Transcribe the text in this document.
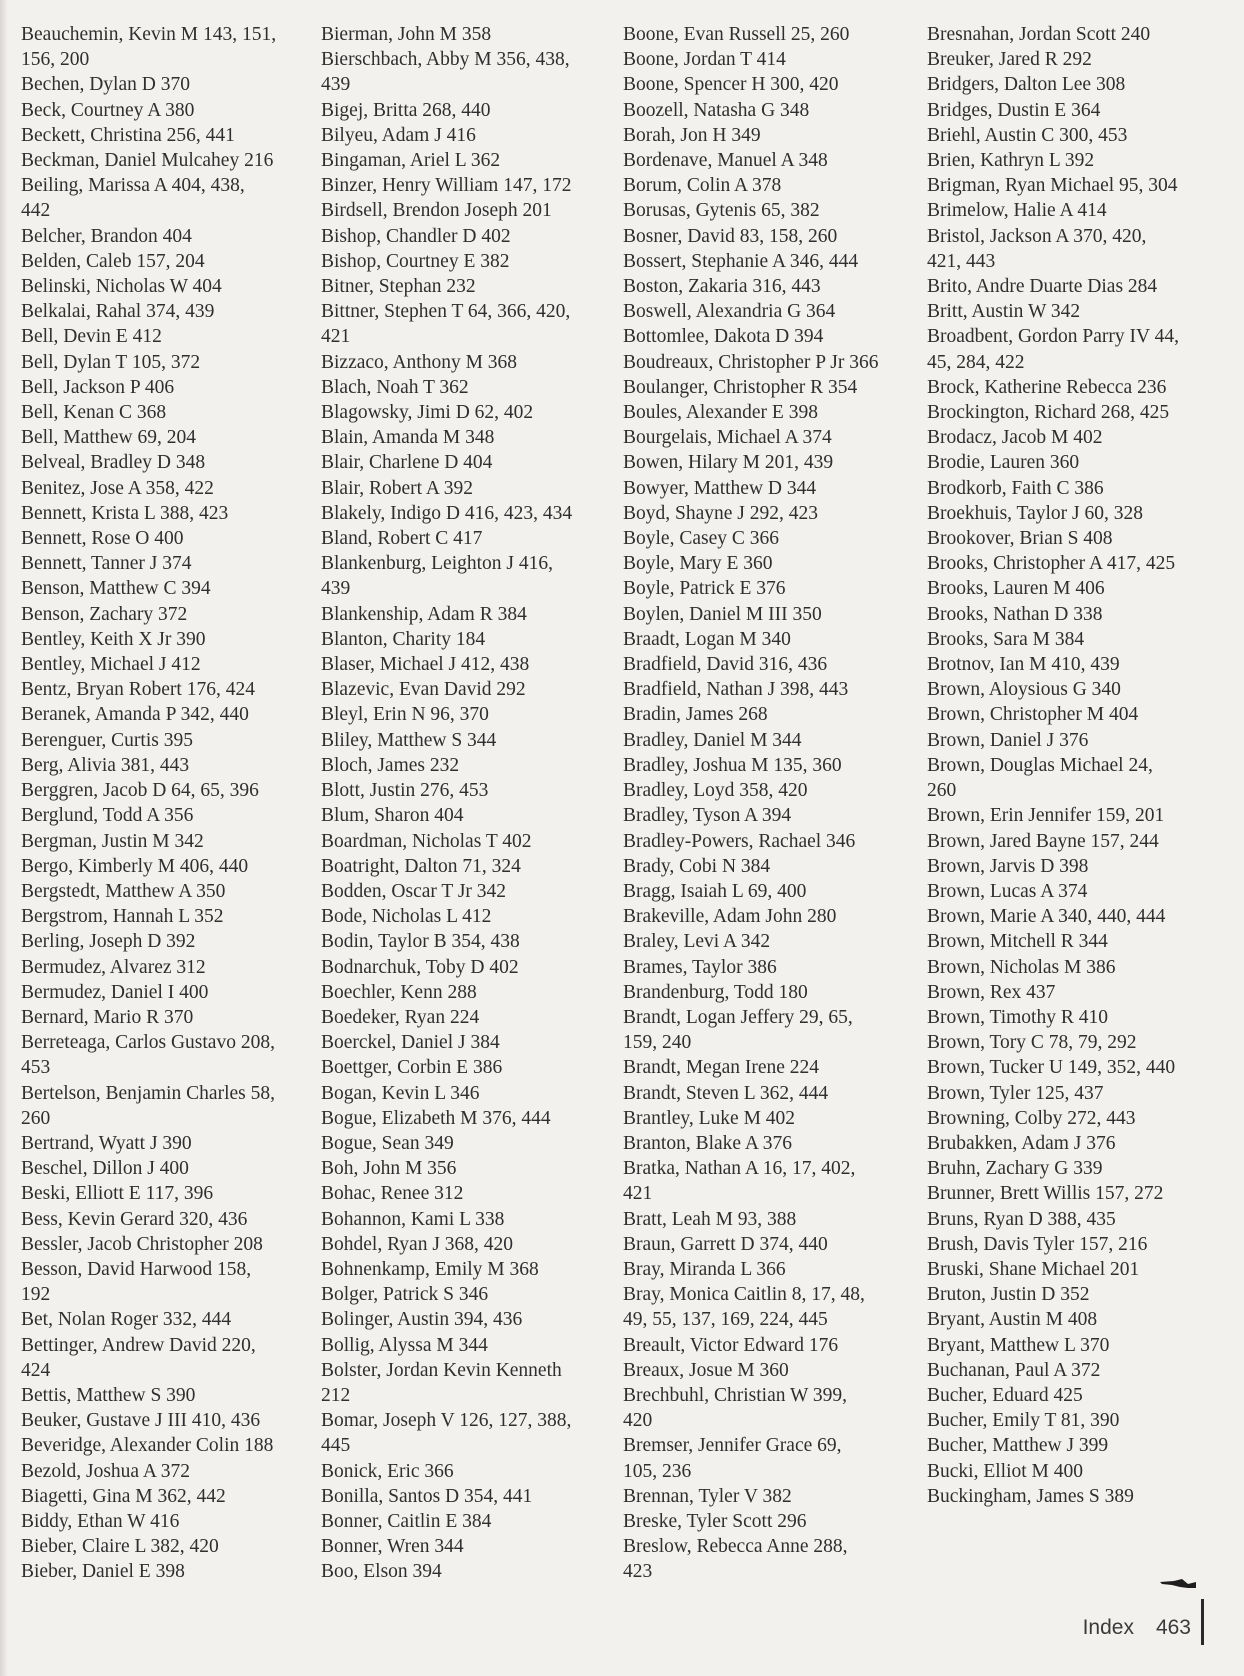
Beauchemin, Kevin M 143, 151,
156, 200
Bechen, Dylan D 370
Beck, Courtney A 380
Beckett, Christina 256, 441
Beckman, Daniel Mulcahey 216
Beiling, Marissa A 404, 438,
442
Belcher, Brandon 404
Belden, Caleb 157, 204
Belinski, Nicholas W 404
Belkalai, Rahal 374, 439
Bell, Devin E 412
Bell, Dylan T 105, 372
Bell, Jackson P 406
Bell, Kenan C 368
Bell, Matthew 69, 204
Belveal, Bradley D 348
Benitez, Jose A 358, 422
Bennett, Krista L 388, 423
Bennett, Rose O 400
Bennett, Tanner J 374
Benson, Matthew C 394
Benson, Zachary 372
Bentley, Keith X Jr 390
Bentley, Michael J 412
Bentz, Bryan Robert 176, 424
Beranek, Amanda P 342, 440
Berenguer, Curtis 395
Berg, Alivia 381, 443
Berggren, Jacob D 64, 65, 396
Berglund, Todd A 356
Bergman, Justin M 342
Bergo, Kimberly M 406, 440
Bergstedt, Matthew A 350
Bergstrom, Hannah L 352
Berling, Joseph D 392
Bermudez, Alvarez 312
Bermudez, Daniel I 400
Bernard, Mario R 370
Berreteaga, Carlos Gustavo 208,
453
Bertelson, Benjamin Charles 58,
260
Bertrand, Wyatt J 390
Beschel, Dillon J 400
Beski, Elliott E 117, 396
Bess, Kevin Gerard 320, 436
Bessler, Jacob Christopher 208
Besson, David Harwood 158,
192
Bet, Nolan Roger 332, 444
Bettinger, Andrew David 220,
424
Bettis, Matthew S 390
Beuker, Gustave J III 410, 436
Beveridge, Alexander Colin 188
Bezold, Joshua A 372
Biagetti, Gina M 362, 442
Biddy, Ethan W 416
Bieber, Claire L 382, 420
Bieber, Daniel E 398
Bierman, John M 358
Bierschbach, Abby M 356, 438,
439
Bigej, Britta 268, 440
Bilyeu, Adam J 416
Bingaman, Ariel L 362
Binzer, Henry William 147, 172
Birdsell, Brendon Joseph 201
Bishop, Chandler D 402
Bishop, Courtney E 382
Bitner, Stephan 232
Bittner, Stephen T 64, 366, 420,
421
Bizzaco, Anthony M 368
Blach, Noah T 362
Blagowsky, Jimi D 62, 402
Blain, Amanda M 348
Blair, Charlene D 404
Blair, Robert A 392
Blakely, Indigo D 416, 423, 434
Bland, Robert C 417
Blankenburg, Leighton J 416,
439
Blankenship, Adam R 384
Blanton, Charity 184
Blaser, Michael J 412, 438
Blazevic, Evan David 292
Bleyl, Erin N 96, 370
Bliley, Matthew S 344
Bloch, James 232
Blott, Justin 276, 453
Blum, Sharon 404
Boardman, Nicholas T 402
Boatright, Dalton 71, 324
Bodden, Oscar T Jr 342
Bode, Nicholas L 412
Bodin, Taylor B 354, 438
Bodnarchuk, Toby D 402
Boechler, Kenn 288
Boedeker, Ryan 224
Boerckel, Daniel J 384
Boettger, Corbin E 386
Bogan, Kevin L 346
Bogue, Elizabeth M 376, 444
Bogue, Sean 349
Boh, John M 356
Bohac, Renee 312
Bohannon, Kami L 338
Bohdel, Ryan J 368, 420
Bohnenkamp, Emily M 368
Bolger, Patrick S 346
Bolinger, Austin 394, 436
Bollig, Alyssa M 344
Bolster, Jordan Kevin Kenneth
212
Bomar, Joseph V 126, 127, 388,
445
Bonick, Eric 366
Bonilla, Santos D 354, 441
Bonner, Caitlin E 384
Bonner, Wren 344
Boo, Elson 394
Boone, Evan Russell 25, 260
Boone, Jordan T 414
Boone, Spencer H 300, 420
Boozell, Natasha G 348
Borah, Jon H 349
Bordenave, Manuel A 348
Borum, Colin A 378
Borusas, Gytenis 65, 382
Bosner, David 83, 158, 260
Bossert, Stephanie A 346, 444
Boston, Zakaria 316, 443
Boswell, Alexandria G 364
Bottomlee, Dakota D 394
Boudreaux, Christopher P Jr 366
Boulanger, Christopher R 354
Boules, Alexander E 398
Bourgelais, Michael A 374
Bowen, Hilary M 201, 439
Bowyer, Matthew D 344
Boyd, Shayne J 292, 423
Boyle, Casey C 366
Boyle, Mary E 360
Boyle, Patrick E 376
Boylen, Daniel M III 350
Braadt, Logan M 340
Bradfield, David 316, 436
Bradfield, Nathan J 398, 443
Bradin, James 268
Bradley, Daniel M 344
Bradley, Joshua M 135, 360
Bradley, Loyd 358, 420
Bradley, Tyson A 394
Bradley-Powers, Rachael 346
Brady, Cobi N 384
Bragg, Isaiah L 69, 400
Brakeville, Adam John 280
Braley, Levi A 342
Brames, Taylor 386
Brandenburg, Todd 180
Brandt, Logan Jeffery 29, 65,
159, 240
Brandt, Megan Irene 224
Brandt, Steven L 362, 444
Brantley, Luke M 402
Branton, Blake A 376
Bratka, Nathan A 16, 17, 402,
421
Bratt, Leah M 93, 388
Braun, Garrett D 374, 440
Bray, Miranda L 366
Bray, Monica Caitlin 8, 17, 48,
49, 55, 137, 169, 224, 445
Breault, Victor Edward 176
Breaux, Josue M 360
Brechbuhl, Christian W 399,
420
Bremser, Jennifer Grace 69,
105, 236
Brennan, Tyler V 382
Breske, Tyler Scott 296
Breslow, Rebecca Anne 288,
423
Bresnahan, Jordan Scott 240
Breuker, Jared R 292
Bridgers, Dalton Lee 308
Bridges, Dustin E 364
Briehl, Austin C 300, 453
Brien, Kathryn L 392
Brigman, Ryan Michael 95, 304
Brimelow, Halie A 414
Bristol, Jackson A 370, 420,
421, 443
Brito, Andre Duarte Dias 284
Britt, Austin W 342
Broadbent, Gordon Parry IV 44,
45, 284, 422
Brock, Katherine Rebecca 236
Brockington, Richard 268, 425
Brodacz, Jacob M 402
Brodie, Lauren 360
Brodkorb, Faith C 386
Broekhuis, Taylor J 60, 328
Brookover, Brian S 408
Brooks, Christopher A 417, 425
Brooks, Lauren M 406
Brooks, Nathan D 338
Brooks, Sara M 384
Brotnov, Ian M 410, 439
Brown, Aloysious G 340
Brown, Christopher M 404
Brown, Daniel J 376
Brown, Douglas Michael 24,
260
Brown, Erin Jennifer 159, 201
Brown, Jared Bayne 157, 244
Brown, Jarvis D 398
Brown, Lucas A 374
Brown, Marie A 340, 440, 444
Brown, Mitchell R 344
Brown, Nicholas M 386
Brown, Rex 437
Brown, Timothy R 410
Brown, Tory C 78, 79, 292
Brown, Tucker U 149, 352, 440
Brown, Tyler 125, 437
Browning, Colby 272, 443
Brubakken, Adam J 376
Bruhn, Zachary G 339
Brunner, Brett Willis 157, 272
Bruns, Ryan D 388, 435
Brush, Davis Tyler 157, 216
Bruski, Shane Michael 201
Bruton, Justin D 352
Bryant, Austin M 408
Bryant, Matthew L 370
Buchanan, Paul A 372
Bucher, Eduard 425
Bucher, Emily T 81, 390
Bucher, Matthew J 399
Bucki, Elliot M 400
Buckingham, James S 389
Index 463
